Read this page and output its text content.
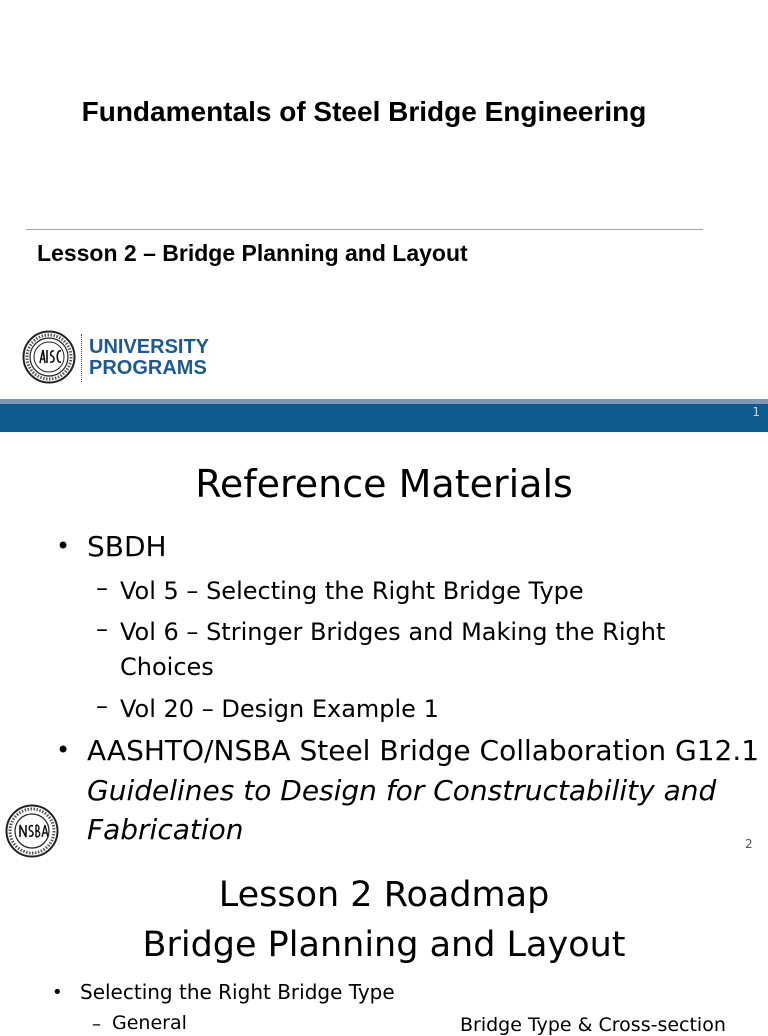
Fundamentals of Steel Bridge Engineering
Lesson 2 – Bridge Planning and Layout
UNIVERSITY
PROGRAMS
1
Reference Materials
• SBDH
– Vol 5 – Selecting the Right Bridge Type
– Vol 6 – Stringer Bridges and Making the Right
Choices
– Vol 20 – Design Example 1
• AASHTO/NSBA Steel Bridge Collaboration G12.1
Guidelines to Design for Constructability and
Fabrication	2
Lesson 2 Roadmap
Bridge Planning and Layout
• Selecting the Right Bridge Type
– General	Bridge Type & Cross-section
